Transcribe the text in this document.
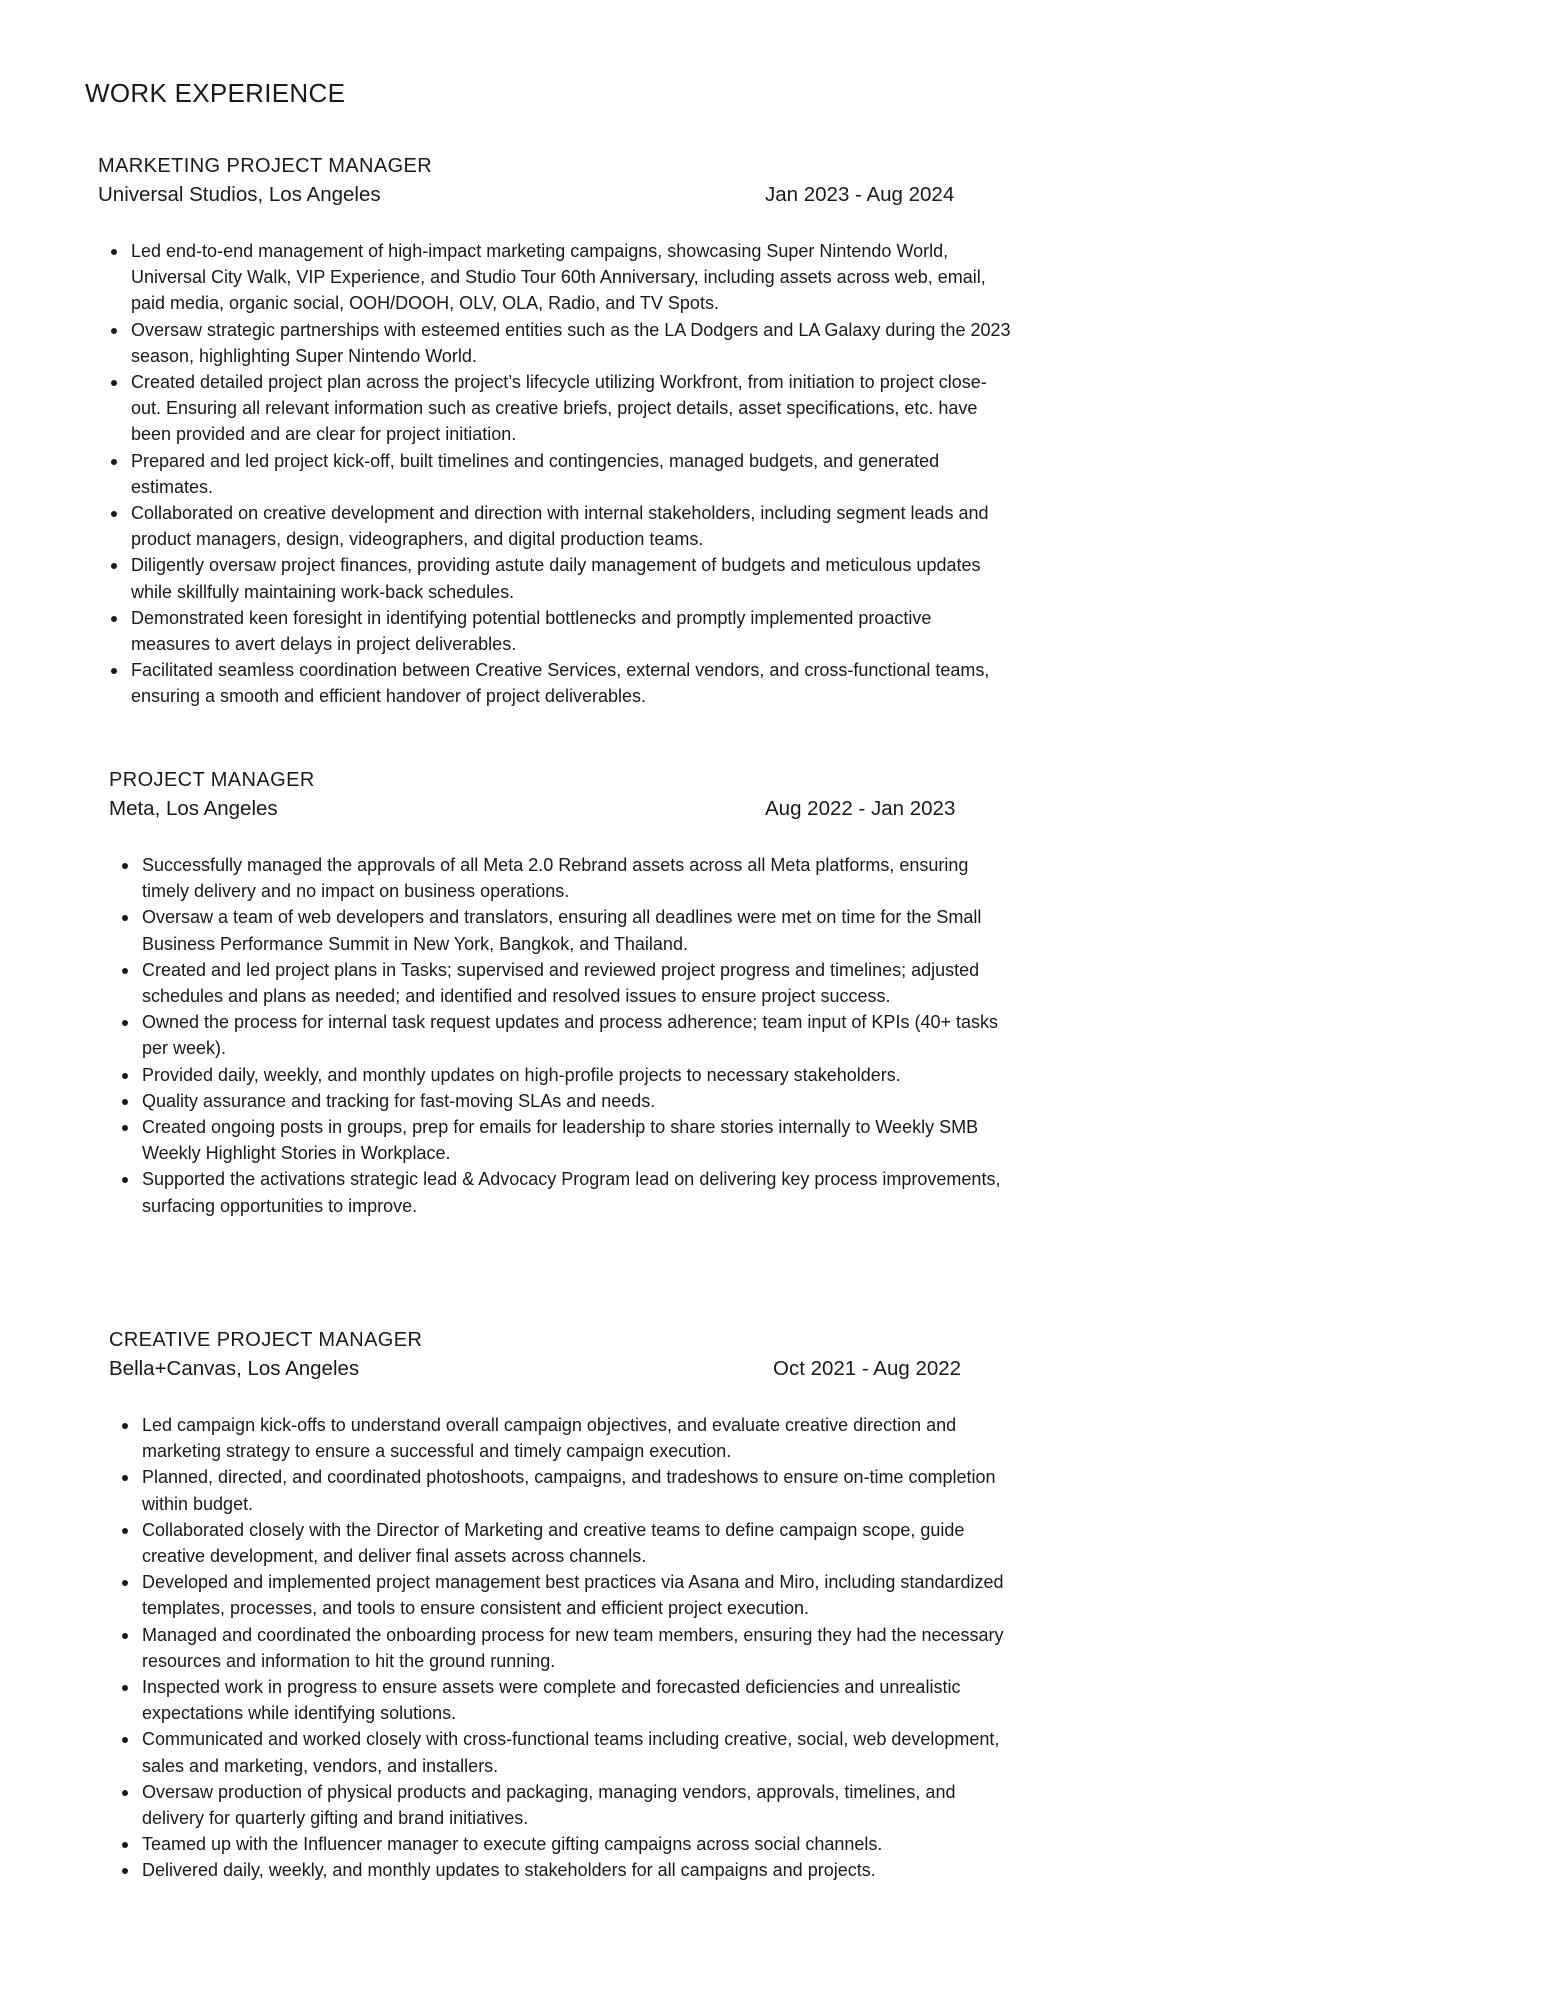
WORK EXPERIENCE
MARKETING PROJECT MANAGER
Universal Studios, Los Angeles	Jan 2023 - Aug 2024
Led end-to-end management of high-impact marketing campaigns, showcasing Super Nintendo World, Universal City Walk, VIP Experience, and Studio Tour 60th Anniversary, including assets across web, email, paid media, organic social, OOH/DOOH, OLV, OLA, Radio, and TV Spots.
Oversaw strategic partnerships with esteemed entities such as the LA Dodgers and LA Galaxy during the 2023 season, highlighting Super Nintendo World.
Created detailed project plan across the project’s lifecycle utilizing Workfront, from initiation to project close-out. Ensuring all relevant information such as creative briefs, project details, asset specifications, etc. have been provided and are clear for project initiation.
Prepared and led project kick-off, built timelines and contingencies, managed budgets, and generated estimates.
Collaborated on creative development and direction with internal stakeholders, including segment leads and product managers, design, videographers, and digital production teams.
Diligently oversaw project finances, providing astute daily management of budgets and meticulous updates while skillfully maintaining work-back schedules.
Demonstrated keen foresight in identifying potential bottlenecks and promptly implemented proactive measures to avert delays in project deliverables.
Facilitated seamless coordination between Creative Services, external vendors, and cross-functional teams, ensuring a smooth and efficient handover of project deliverables.
PROJECT MANAGER
Meta, Los Angeles	Aug 2022 - Jan 2023
Successfully managed the approvals of all Meta 2.0 Rebrand assets across all Meta platforms, ensuring timely delivery and no impact on business operations.
Oversaw a team of web developers and translators, ensuring all deadlines were met on time for the Small Business Performance Summit in New York, Bangkok, and Thailand.
Created and led project plans in Tasks; supervised and reviewed project progress and timelines; adjusted schedules and plans as needed; and identified and resolved issues to ensure project success.
Owned the process for internal task request updates and process adherence; team input of KPIs (40+ tasks per week).
Provided daily, weekly, and monthly updates on high-profile projects to necessary stakeholders.
Quality assurance and tracking for fast-moving SLAs and needs.
Created ongoing posts in groups, prep for emails for leadership to share stories internally to Weekly SMB Weekly Highlight Stories in Workplace.
Supported the activations strategic lead & Advocacy Program lead on delivering key process improvements, surfacing opportunities to improve.
CREATIVE PROJECT MANAGER
Bella+Canvas, Los Angeles	Oct 2021 - Aug 2022
Led campaign kick-offs to understand overall campaign objectives, and evaluate creative direction and marketing strategy to ensure a successful and timely campaign execution.
Planned, directed, and coordinated photoshoots, campaigns, and tradeshows to ensure on-time completion within budget.
Collaborated closely with the Director of Marketing and creative teams to define campaign scope, guide creative development, and deliver final assets across channels.
Developed and implemented project management best practices via Asana and Miro, including standardized templates, processes, and tools to ensure consistent and efficient project execution.
Managed and coordinated the onboarding process for new team members, ensuring they had the necessary resources and information to hit the ground running.
Inspected work in progress to ensure assets were complete and forecasted deficiencies and unrealistic expectations while identifying solutions.
Communicated and worked closely with cross-functional teams including creative, social, web development, sales and marketing, vendors, and installers.
Oversaw production of physical products and packaging, managing vendors, approvals, timelines, and delivery for quarterly gifting and brand initiatives.
Teamed up with the Influencer manager to execute gifting campaigns across social channels.
Delivered daily, weekly, and monthly updates to stakeholders for all campaigns and projects.
